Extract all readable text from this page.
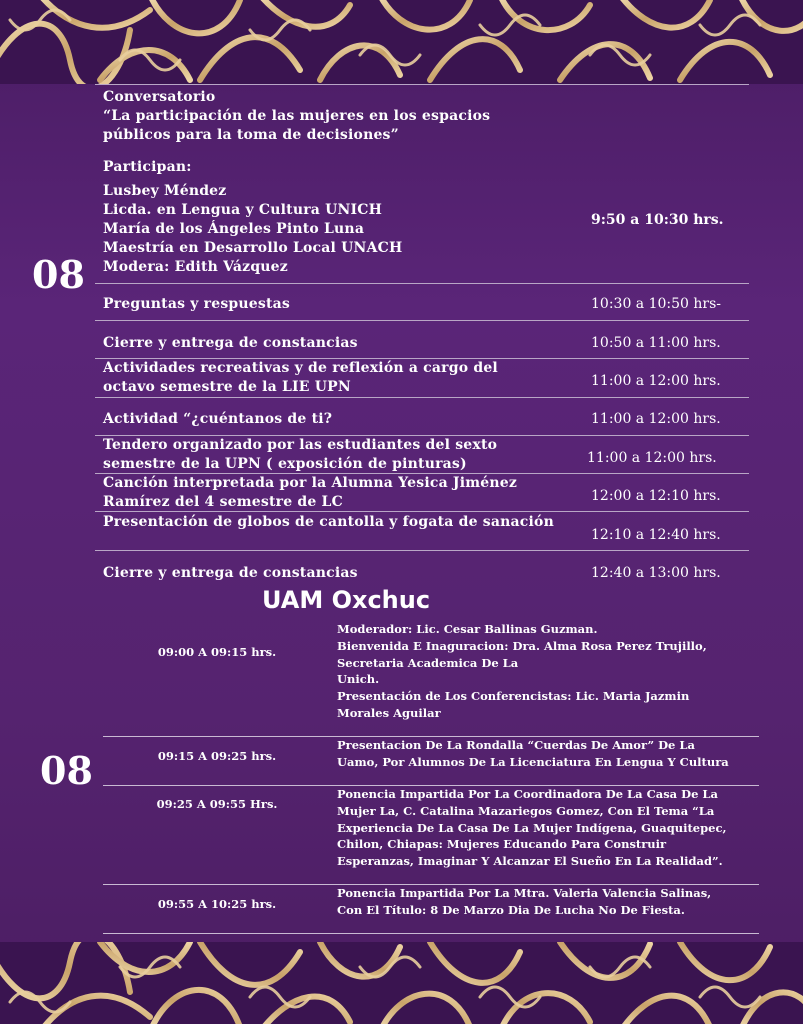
08
Conversatorio
“La participación de las mujeres en los espacios
públicos para la toma de decisiones”
Participan:
Lusbey Méndez
Licda. en Lengua y Cultura UNICH
María de los Ángeles Pinto Luna
Maestría en Desarrollo Local UNACH
Modera: Edith Vázquez
9:50 a 10:30 hrs.
Preguntas y respuestas	10:30 a 10:50 hrs-
Cierre y entrega de constancias	10:50 a 11:00 hrs.
Actividades recreativas y de reflexión a cargo del
octavo semestre de la LIE UPN	11:00 a 12:00 hrs.
Actividad “¿cuéntanos de ti?	11:00 a 12:00 hrs.
Tendero organizado por las estudiantes del sexto
semestre de la UPN ( exposición de pinturas)	11:00 a 12:00 hrs.
Canción interpretada por la Alumna Yesica Jiménez
Ramírez del 4 semestre de LC	12:00 a 12:10 hrs.
Presentación de globos de cantolla y fogata de sanación
12:10 a 12:40 hrs.
Cierre y entrega de constancias	12:40 a 13:00 hrs.
UAM Oxchuc
08
09:00 A 09:15 hrs.
Moderador: Lic. Cesar Ballinas Guzman.
Bienvenida E Inaguracion: Dra. Alma Rosa Perez Trujillo,
Secretaria Academica De La
Unich.
Presentación de Los Conferencistas: Lic. Maria Jazmin
Morales Aguilar
09:15 A 09:25 hrs.
Presentacion De La Rondalla “Cuerdas De Amor” De La
Uamo, Por Alumnos De La Licenciatura En Lengua Y Cultura
09:25 A 09:55 Hrs.
Ponencia Impartida Por La Coordinadora De La Casa De La
Mujer La, C. Catalina Mazariegos Gomez, Con El Tema “La
Experiencia De La Casa De La Mujer Indígena, Guaquitepec,
Chilon, Chiapas: Mujeres Educando Para Construir
Esperanzas, Imaginar Y Alcanzar El Sueño En La Realidad”.
09:55 A 10:25 hrs.
Ponencia Impartida Por La Mtra. Valeria Valencia Salinas,
Con El Título: 8 De Marzo Dia De Lucha No De Fiesta.
